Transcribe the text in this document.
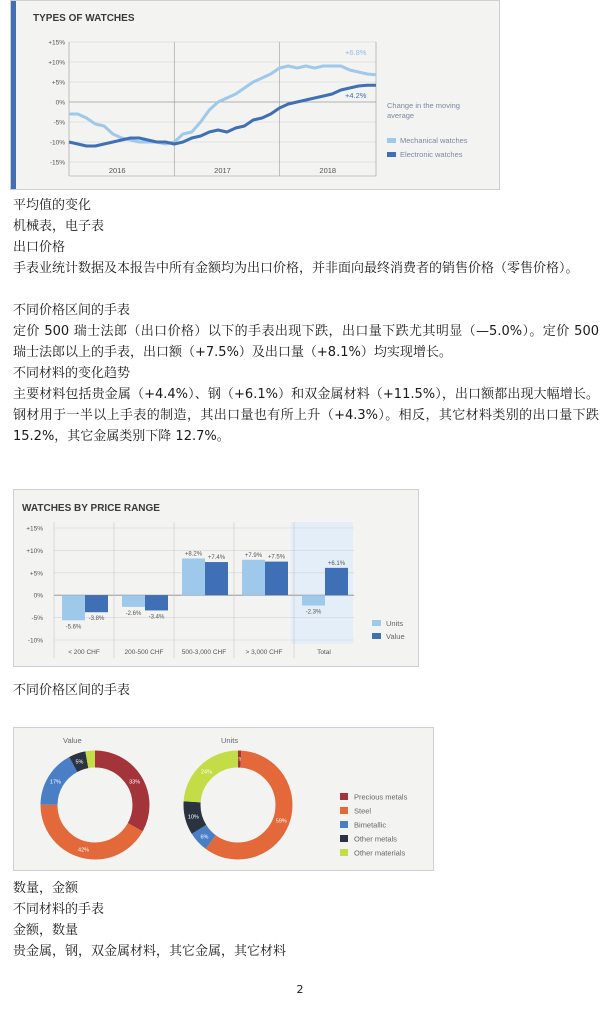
TYPES OF WATCHES
+15%
+10%
+5%
0%
-5%
-10%
-15%
2016	2017	2018
+6.8%
+4.2%
Change in the moving
average
Mechanical watches
Electronic watches
平均值的变化
机械表，电子表
出口价格
手表业统计数据及本报告中所有金额均为出口价格，并非面向最终消费者的销售价格（零售价格）。
不同价格区间的手表
定价 500 瑞士法郎（出口价格）以下的手表出现下跌，出口量下跌尤其明显（—5.0%）。定价 500 瑞士法郎以上的手表，出口额（+7.5%）及出口量（+8.1%）均实现增长。
不同材料的变化趋势
主要材料包括贵金属（+4.4%）、钢（+6.1%）和双金属材料（+11.5%），出口额都出现大幅增长。钢材用于一半以上手表的制造，其出口量也有所上升（+4.3%）。相反，其它材料类别的出口量下跌 15.2%，其它金属类别下降 12.7%。
WATCHES BY PRICE RANGE
+15%
+10%
+5%
0%
-5%
-10%
-5.6%
-3.8%
-2.6%
-3.4%
+8.2%
+7.4%	+7.9% +7.5%
-2.3%
+6.1%
< 200 CHF	200-500 CHF	500-3,000 CHF	> 3,000 CHF	Total
Units
Value
不同价格区间的手表
Value	Units
33%
42%
17%
5%	1%
59%
6%
10%
24%
Precious metals
Steel
Bimetallic
Other metals
Other materials
数量，金额
不同材料的手表
金额，数量
贵金属，钢，双金属材料，其它金属，其它材料
2
